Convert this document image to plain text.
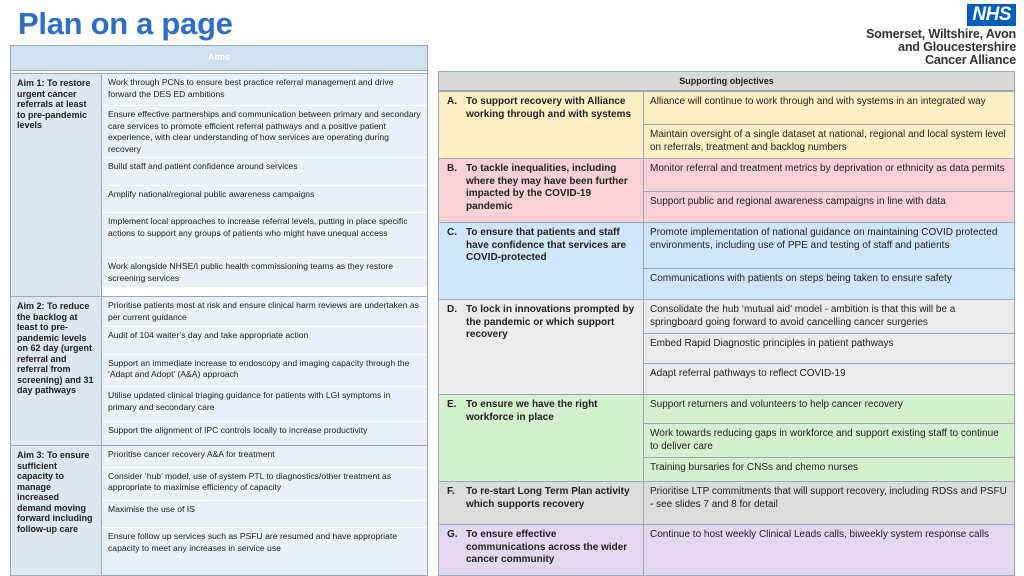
Plan on a page	NHS
Somerset, Wiltshire, Avon
and Gloucestershire
Cancer Alliance
Aims
Aim 1: To restore urgent cancer referrals at least to pre-pandemic levels
Work through PCNs to ensure best practice referral management and drive forward the DES ED ambitions
Ensure effective partnerships and communication between primary and secondary care services to promote efficient referral pathways and a positive patient experience, with clear understanding of how services are operating during recovery
Build staff and patient confidence around services
Amplify national/regional public awareness campaigns
Implement local approaches to increase referral levels, putting in place specific actions to support any groups of patients who might have unequal access
Work alongside NHSE/I public health commissioning teams as they restore screening services
Aim 2: To reduce the backlog at least to pre-pandemic levels on 62 day (urgent referral and referral from screening) and 31 day pathways
Prioritise patients most at risk and ensure clinical harm reviews are undertaken as per current guidance
Audit of 104 waiter’s day and take appropriate action
Support an immediate increase to endoscopy and imaging capacity through the ‘Adapt and Adopt’ (A&A) approach
Utilise updated clinical triaging guidance for patients with LGI symptoms in primary and secondary care
Support the alignment of IPC controls locally to increase productivity
Aim 3: To ensure sufficient capacity to manage increased demand moving forward including follow-up care
Prioritise cancer recovery A&A for treatment
Consider ‘hub’ model, use of system PTL to diagnostics/other treatment as appropriate to maximise efficiency of capacity
Maximise the use of IS
Ensure follow up services such as PSFU are resumed and have appropriate capacity to meet any increases in service use
Supporting objectives
A. To support recovery with Alliance working through and with systems
Alliance will continue to work through and with systems in an integrated way
Maintain oversight of a single dataset at national, regional and local system level on referrals, treatment and backlog numbers
B. To tackle inequalities, including where they may have been further impacted by the COVID-19 pandemic
Monitor referral and treatment metrics by deprivation or ethnicity as data permits
Support public and regional awareness campaigns in line with data
C. To ensure that patients and staff have confidence that services are COVID-protected
Promote implementation of national guidance on maintaining COVID protected environments, including use of PPE and testing of staff and patients
Communications with patients on steps being taken to ensure safety
D. To lock in innovations prompted by the pandemic or which support recovery
Consolidate the hub ‘mutual aid’ model - ambition is that this will be a springboard going forward to avoid cancelling cancer surgeries
Embed Rapid Diagnostic principles in patient pathways
Adapt referral pathways to reflect COVID-19
E. To ensure we have the right workforce in place
Support returners and volunteers to help cancer recovery
Work towards reducing gaps in workforce and support existing staff to continue to deliver care
Training bursaries for CNSs and chemo nurses
F.	To re-start Long Term Plan activity which supports recovery
Prioritise LTP commitments that will support recovery, including RDSs and PSFU - see slides 7 and 8 for detail
G. To ensure effective communications across the wider cancer community
Continue to host weekly Clinical Leads calls, biweekly system response calls
